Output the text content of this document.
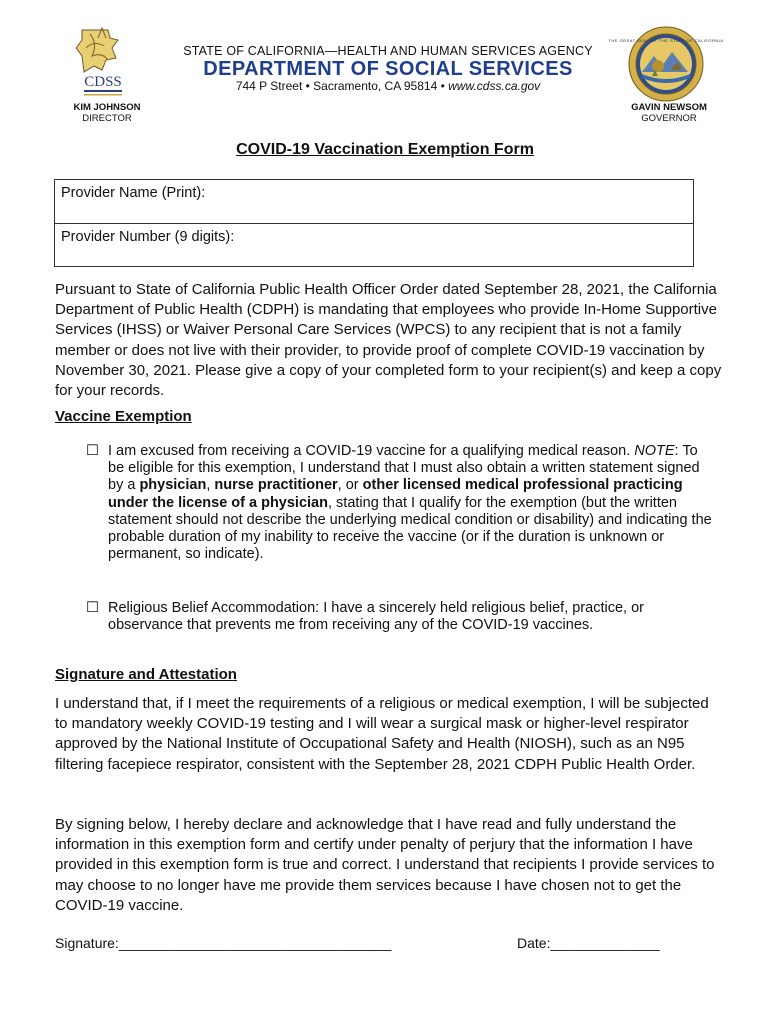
CDSS
KIM JOHNSON
DIRECTOR
STATE OF CALIFORNIA—HEALTH AND HUMAN SERVICES AGENCY
DEPARTMENT OF SOCIAL SERVICES
744 P Street • Sacramento, CA 95814 • www.cdss.ca.gov
THE GREAT SEAL OF THE STATE OF CALIFORNIA
GAVIN NEWSOM
GOVERNOR
COVID-19 Vaccination Exemption Form
Provider Name (Print):
Provider Number (9 digits):
Pursuant to State of California Public Health Officer Order dated September 28, 2021, the California Department of Public Health (CDPH) is mandating that employees who provide In-Home Supportive Services (IHSS) or Waiver Personal Care Services (WPCS) to any recipient that is not a family member or does not live with their provider, to provide proof of complete COVID-19 vaccination by November 30, 2021. Please give a copy of your completed form to your recipient(s) and keep a copy for your records.
Vaccine Exemption
☐ I am excused from receiving a COVID-19 vaccine for a qualifying medical reason. NOTE: To be eligible for this exemption, I understand that I must also obtain a written statement signed by a physician, nurse practitioner, or other licensed medical professional practicing under the license of a physician, stating that I qualify for the exemption (but the written statement should not describe the underlying medical condition or disability) and indicating the probable duration of my inability to receive the vaccine (or if the duration is unknown or permanent, so indicate).
☐ Religious Belief Accommodation: I have a sincerely held religious belief, practice, or observance that prevents me from receiving any of the COVID-19 vaccines.
Signature and Attestation
I understand that, if I meet the requirements of a religious or medical exemption, I will be subjected to mandatory weekly COVID-19 testing and I will wear a surgical mask or higher-level respirator approved by the National Institute of Occupational Safety and Health (NIOSH), such as an N95 filtering facepiece respirator, consistent with the September 28, 2021 CDPH Public Health Order.
By signing below, I hereby declare and acknowledge that I have read and fully understand the information in this exemption form and certify under penalty of perjury that the information I have provided in this exemption form is true and correct. I understand that recipients I provide services to may choose to no longer have me provide them services because I have chosen not to get the COVID-19 vaccine.
Signature:___________________________________	Date:______________
